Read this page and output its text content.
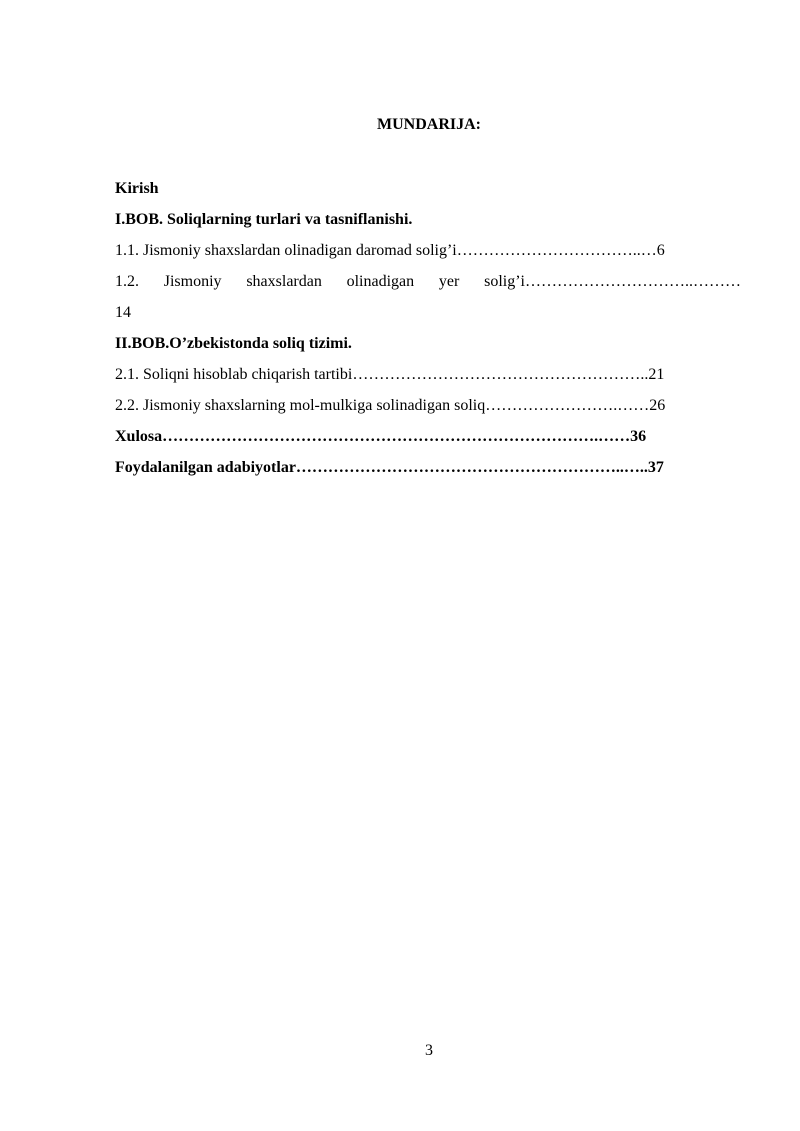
MUNDARIJA:
Kirish
I.BOB. Soliqlarning turlari va tasniflanishi.
1.1. Jismoniy shaxslardan olinadigan daromad solig’i……………………………..…6
1.2. Jismoniy shaxslardan olinadigan yer solig’i…………………………..………
14
II.BOB.O’zbekistonda soliq tizimi.
2.1. Soliqni hisoblab chiqarish tartibi………………………………………………..21
2.2. Jismoniy shaxslarning mol-mulkiga solinadigan soliq…………………….……26
Xulosa……………………………………………………………………….……36
Foydalanilgan adabiyotlar……………………………………………………..…..37
3
